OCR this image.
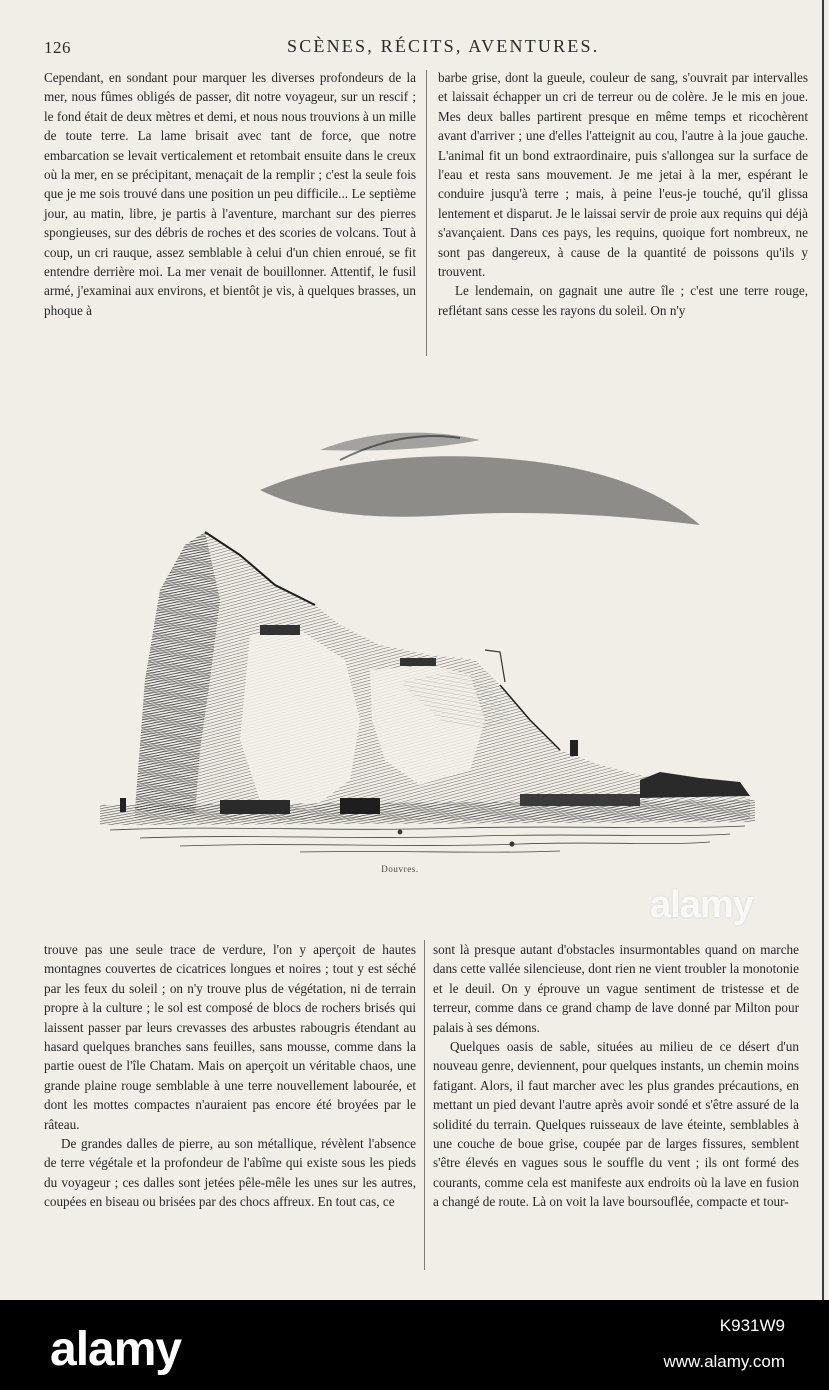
126	SCÈNES, RÉCITS, AVENTURES.

Cependant, en sondant pour marquer les diverses profondeurs de la mer, nous fûmes obligés de passer, dit notre voyageur, sur un rescif ; le fond était de deux mètres et demi, et nous nous trouvions à un mille de toute terre. La lame brisait avec tant de force, que notre embarcation se levait verticalement et retombait ensuite dans le creux où la mer, en se précipitant, menaçait de la remplir ; c'est la seule fois que je me sois trouvé dans une position un peu difficile... Le septième jour, au matin, libre, je partis à l'aventure, marchant sur des pierres spongieuses, sur des débris de roches et des scories de volcans. Tout à coup, un cri rauque, assez semblable à celui d'un chien enroué, se fit entendre derrière moi. La mer venait de bouillonner. Attentif, le fusil armé, j'examinai aux environs, et bientôt je vis, à quelques brasses, un phoque à

barbe grise, dont la gueule, couleur de sang, s'ouvrait par intervalles et laissait échapper un cri de terreur ou de colère. Je le mis en joue. Mes deux balles partirent presque en même temps et ricochèrent avant d'arriver ; une d'elles l'atteignit au cou, l'autre à la joue gauche. L'animal fit un bond extraordinaire, puis s'allongea sur la surface de l'eau et resta sans mouvement. Je me jetai à la mer, espérant le conduire jusqu'à terre ; mais, à peine l'eus-je touché, qu'il glissa lentement et disparut. Je le laissai servir de proie aux requins qui déjà s'avançaient. Dans ces pays, les requins, quoique fort nombreux, ne sont pas dangereux, à cause de la quantité de poissons qu'ils y trouvent.

Le lendemain, on gagnait une autre île ; c'est une terre rouge, reflétant sans cesse les rayons du soleil. On n'y

Douvres.
alamy

trouve pas une seule trace de verdure, l'on y aperçoit de hautes montagnes couvertes de cicatrices longues et noires ; tout y est séché par les feux du soleil ; on n'y trouve plus de végétation, ni de terrain propre à la culture ; le sol est composé de blocs de rochers brisés qui laissent passer par leurs crevasses des arbustes rabougris étendant au hasard quelques branches sans feuilles, sans mousse, comme dans la partie ouest de l'île Chatam. Mais on aperçoit un véritable chaos, une grande plaine rouge semblable à une terre nouvellement labourée, et dont les mottes compactes n'auraient pas encore été broyées par le râteau.

De grandes dalles de pierre, au son métallique, révèlent l'absence de terre végétale et la profondeur de l'abîme qui existe sous les pieds du voyageur ; ces dalles sont jetées pêle-mêle les unes sur les autres, coupées en biseau ou brisées par des chocs affreux. En tout cas, ce

sont là presque autant d'obstacles insurmontables quand on marche dans cette vallée silencieuse, dont rien ne vient troubler la monotonie et le deuil. On y éprouve un vague sentiment de tristesse et de terreur, comme dans ce grand champ de lave donné par Milton pour palais à ses démons.

Quelques oasis de sable, situées au milieu de ce désert d'un nouveau genre, deviennent, pour quelques instants, un chemin moins fatigant. Alors, il faut marcher avec les plus grandes précautions, en mettant un pied devant l'autre après avoir sondé et s'être assuré de la solidité du terrain. Quelques ruisseaux de lave éteinte, semblables à une couche de boue grise, coupée par de larges fissures, semblent s'être élevés en vagues sous le souffle du vent ; ils ont formé des courants, comme cela est manifeste aux endroits où la lave en fusion a changé de route. Là on voit la lave boursouflée, compacte et tour-

alamy	K931W9
www.alamy.com
